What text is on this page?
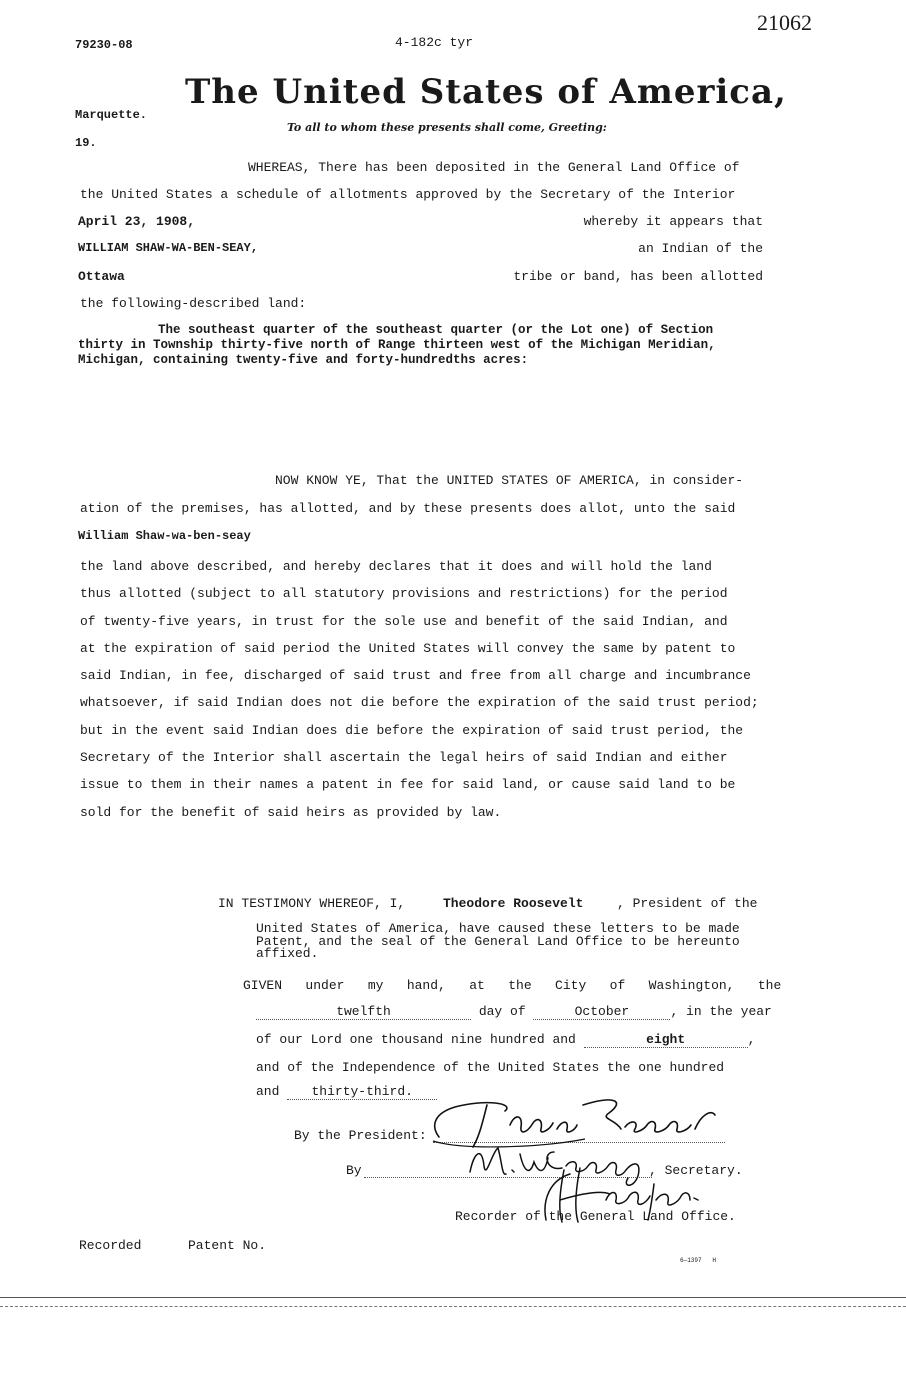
21062
79230-08	4-182c tyr
The United States of America,
To all to whom these presents shall come, Greeting:
Marquette.
19.
WHEREAS, There has been deposited in the General Land Office of
the United States a schedule of allotments approved by the Secretary of the Interior
April 23, 1908,	whereby it appears that
WILLIAM SHAW-WA-BEN-SEAY,	an Indian of the
Ottawa	tribe or band, has been allotted
the following-described land:
The southeast quarter of the southeast quarter (or the Lot one) of Section
thirty in Township thirty-five north of Range thirteen west of the Michigan Meridian,
Michigan, containing twenty-five and forty-hundredths acres:
NOW KNOW YE, That the UNITED STATES OF AMERICA, in consider-
ation of the premises, has allotted, and by these presents does allot, unto the said
William Shaw-wa-ben-seay
the land above described, and hereby declares that it does and will hold the land
thus allotted (subject to all statutory provisions and restrictions) for the period
of twenty-five years, in trust for the sole use and benefit of the said Indian, and
at the expiration of said period the United States will convey the same by patent to
said Indian, in fee, discharged of said trust and free from all charge and incumbrance
whatsoever, if said Indian does not die before the expiration of the said trust period;
but in the event said Indian does die before the expiration of said trust period, the
Secretary of the Interior shall ascertain the legal heirs of said Indian and either
issue to them in their names a patent in fee for said land, or cause said land to be
sold for the benefit of said heirs as provided by law.
IN TESTIMONY WHEREOF, I,	Theodore Roosevelt	, President of the
United States of America, have caused these letters to be made
Patent, and the seal of the General Land Office to be hereunto
affixed.
GIVEN   under   my   hand,   at   the   City   of   Washington,   the
twelfth	day of	October	, in the year
of our Lord one thousand nine hundred and	eight	,
and of the Independence of the United States the one hundred
and thirty-third.
By the President:
By	, Secretary.
Recorder of the General Land Office.
Recorded	Patent No.
6—1397   H
